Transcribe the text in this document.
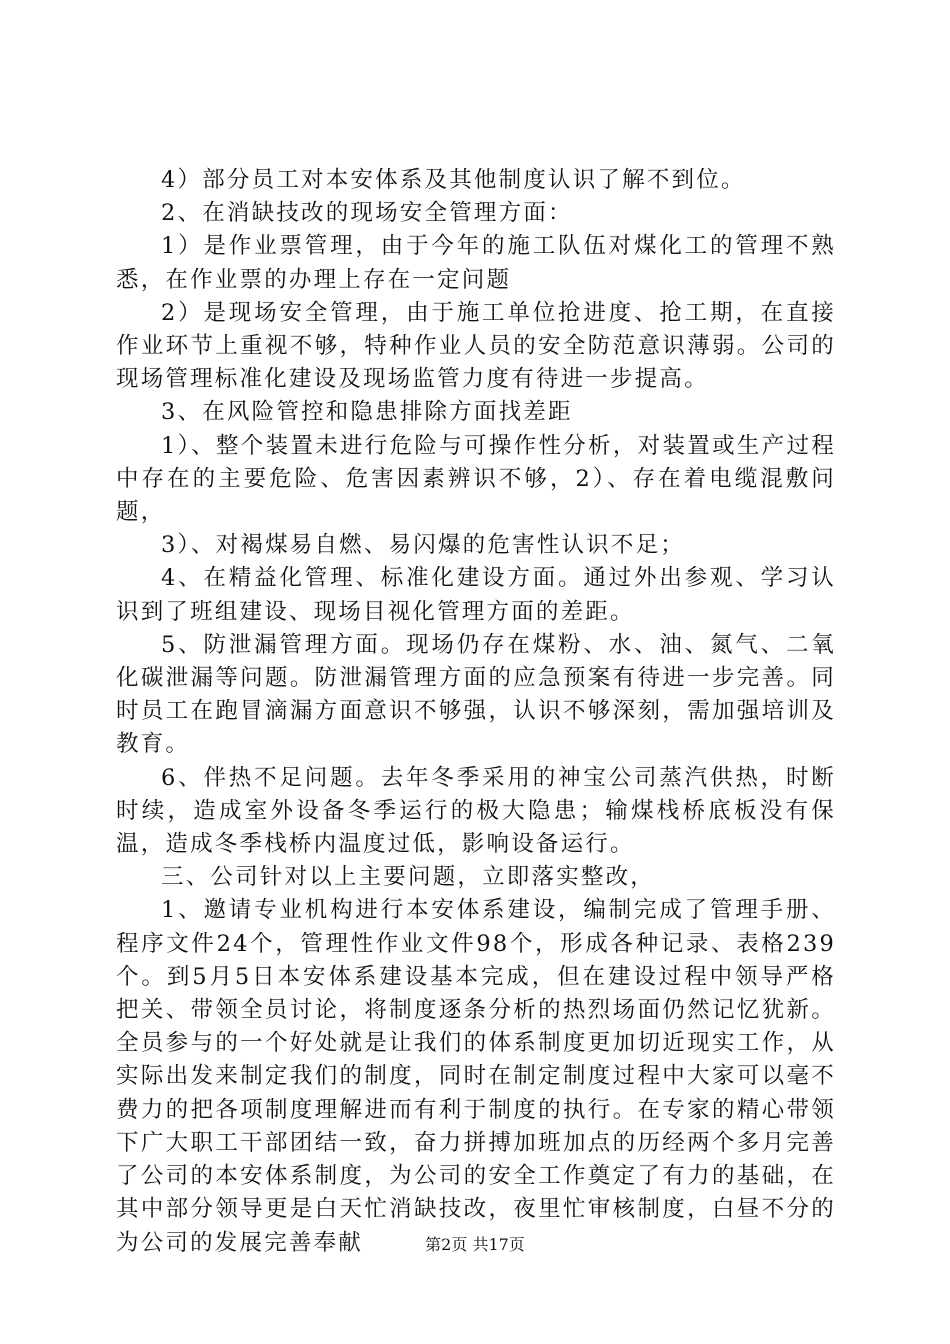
4）部分员工对本安体系及其他制度认识了解不到位。

2、在消缺技改的现场安全管理方面：

1）是作业票管理，由于今年的施工队伍对煤化工的管理不熟悉，在作业票的办理上存在一定问题

2）是现场安全管理，由于施工单位抢进度、抢工期，在直接作业环节上重视不够，特种作业人员的安全防范意识薄弱。公司的现场管理标准化建设及现场监管力度有待进一步提高。

3、在风险管控和隐患排除方面找差距

1）、整个装置未进行危险与可操作性分析，对装置或生产过程中存在的主要危险、危害因素辨识不够，2）、存在着电缆混敷问题，

3）、对褐煤易自燃、易闪爆的危害性认识不足；

4、在精益化管理、标准化建设方面。通过外出参观、学习认识到了班组建设、现场目视化管理方面的差距。

5、防泄漏管理方面。现场仍存在煤粉、水、油、氮气、二氧化碳泄漏等问题。防泄漏管理方面的应急预案有待进一步完善。同时员工在跑冒滴漏方面意识不够强，认识不够深刻，需加强培训及教育。

6、伴热不足问题。去年冬季采用的神宝公司蒸汽供热，时断时续，造成室外设备冬季运行的极大隐患；输煤栈桥底板没有保温，造成冬季栈桥内温度过低，影响设备运行。

三、公司针对以上主要问题，立即落实整改，

1、邀请专业机构进行本安体系建设，编制完成了管理手册、程序文件24个，管理性作业文件98个，形成各种记录、表格239个。到5月5日本安体系建设基本完成，但在建设过程中领导严格把关、带领全员讨论，将制度逐条分析的热烈场面仍然记忆犹新。全员参与的一个好处就是让我们的体系制度更加切近现实工作，从实际出发来制定我们的制度，同时在制定制度过程中大家可以毫不费力的把各项制度理解进而有利于制度的执行。在专家的精心带领下广大职工干部团结一致，奋力拼搏加班加点的历经两个多月完善了公司的本安体系制度，为公司的安全工作奠定了有力的基础，在其中部分领导更是白天忙消缺技改，夜里忙审核制度，白昼不分的为公司的发展完善奉献	第2页 共17页
